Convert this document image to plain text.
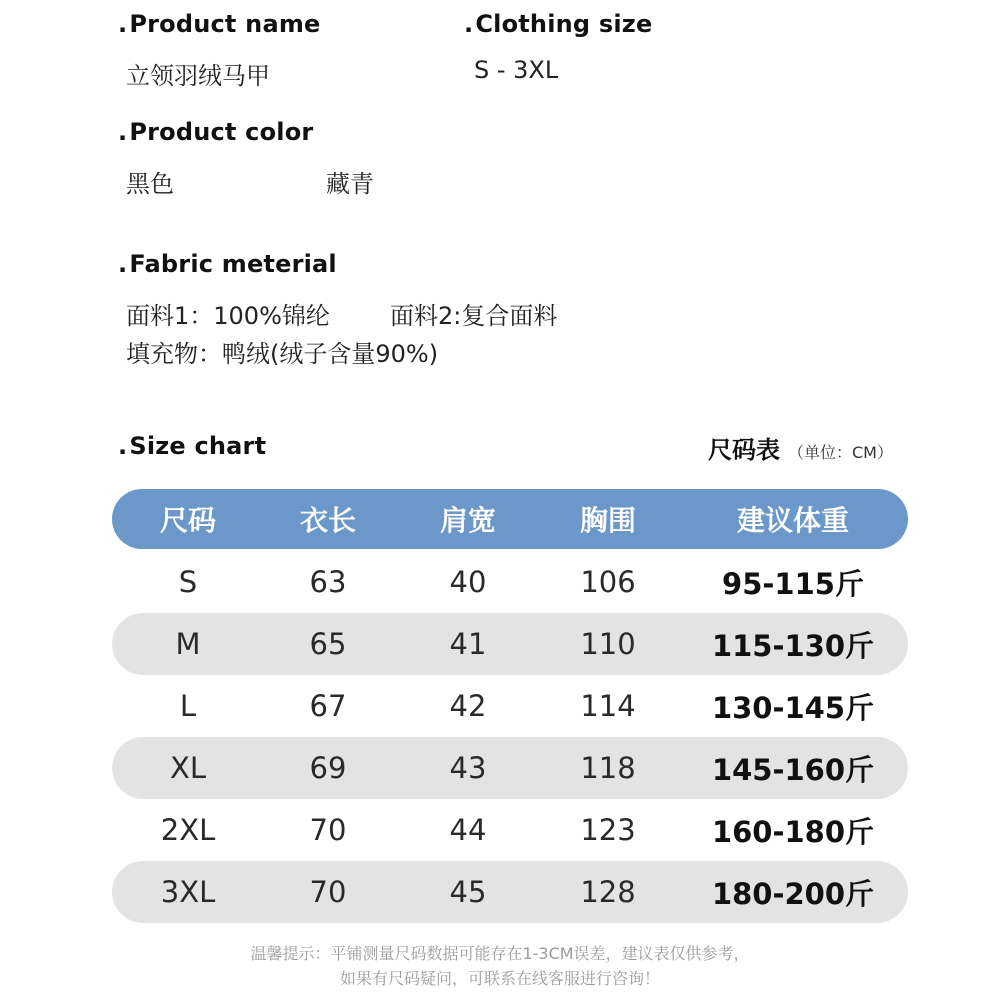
. Product name
立领羽绒马甲
. Clothing size
S - 3XL
. Product color
黑色	藏青
. Fabric meterial
面料1：100%锦纶	面料2:复合面料
填充物：鸭绒(绒子含量90%)
. Size chart	尺码表 （单位：CM）
尺码	衣长	肩宽	胸围	建议体重
S	63	40	106	95-115斤
M	65	41	110	115-130斤
L	67	42	114	130-145斤
XL	69	43	118	145-160斤
2XL	70	44	123	160-180斤
3XL	70	45	128	180-200斤
温馨提示：平铺测量尺码数据可能存在1-3CM误差，建议表仅供参考，
如果有尺码疑问，可联系在线客服进行咨询！
